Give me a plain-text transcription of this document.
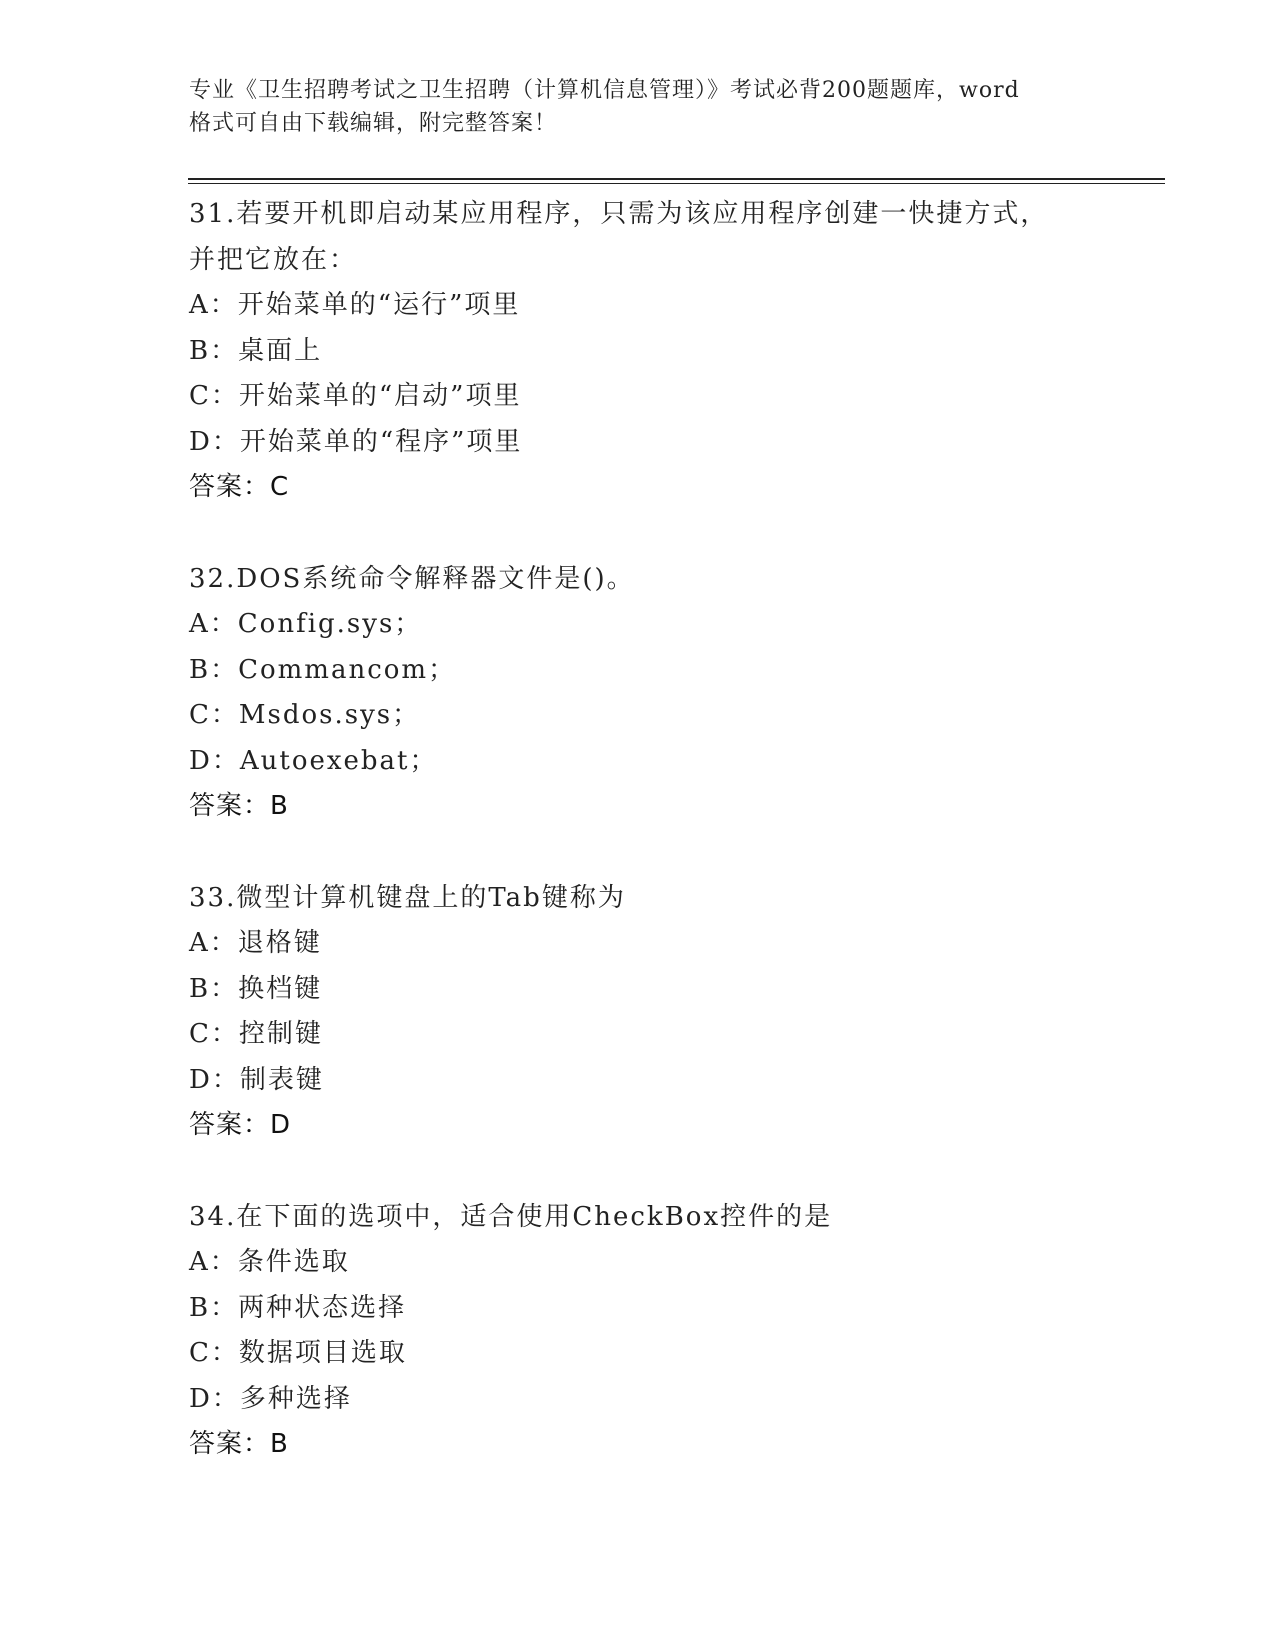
专业《卫生招聘考试之卫生招聘（计算机信息管理）》考试必背200题题库，word
格式可自由下载编辑，附完整答案！
31.若要开机即启动某应用程序，只需为该应用程序创建一快捷方式，并把它放在：
A：开始菜单的“运行”项里
B：桌面上
C：开始菜单的“启动”项里
D：开始菜单的“程序”项里
答案：C
32.DOS系统命令解释器文件是()。
A：Config.sys；
B：Commancom；
C：Msdos.sys；
D：Autoexebat；
答案：B
33.微型计算机键盘上的Tab键称为
A：退格键
B：换档键
C：控制键
D：制表键
答案：D
34.在下面的选项中，适合使用CheckBox控件的是
A：条件选取
B：两种状态选择
C：数据项目选取
D：多种选择
答案：B
